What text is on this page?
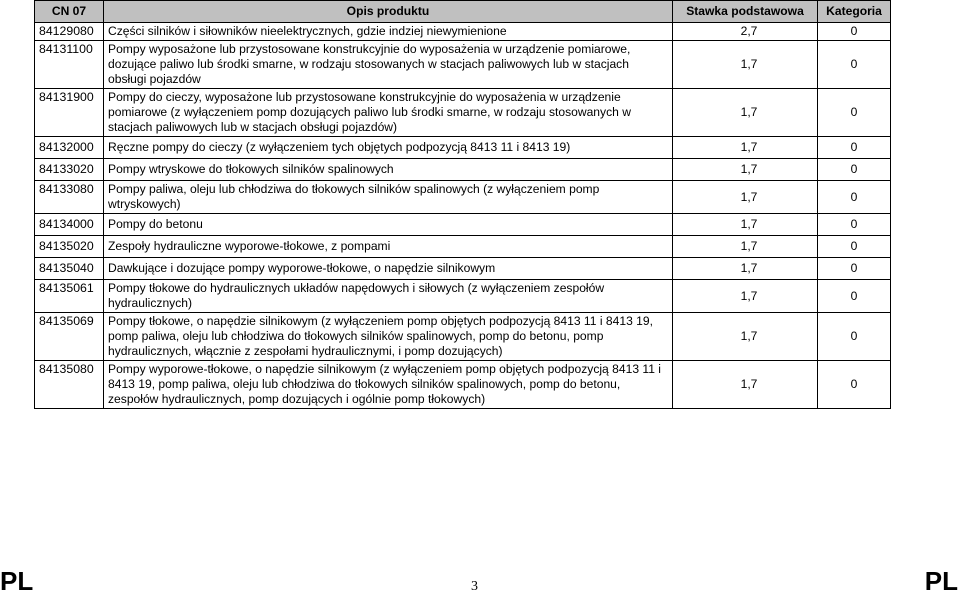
CN 07	Opis produktu	Stawka podstawowa	Kategoria
84129080	Części silników i siłowników nieelektrycznych, gdzie indziej niewymienione	2,7	0
84131100	Pompy wyposażone lub przystosowane konstrukcyjnie do wyposażenia w urządzenie pomiarowe, dozujące paliwo lub środki smarne, w rodzaju stosowanych w stacjach paliwowych lub w stacjach obsługi pojazdów	1,7	0
84131900	Pompy do cieczy, wyposażone lub przystosowane konstrukcyjnie do wyposażenia w urządzenie pomiarowe (z wyłączeniem pomp dozujących paliwo lub środki smarne, w rodzaju stosowanych w stacjach paliwowych lub w stacjach obsługi pojazdów)	1,7	0
84132000	Ręczne pompy do cieczy (z wyłączeniem tych objętych podpozycją 8413 11 i 8413 19)	1,7	0
84133020	Pompy wtryskowe do tłokowych silników spalinowych	1,7	0
84133080	Pompy paliwa, oleju lub chłodziwa do tłokowych silników spalinowych (z wyłączeniem pomp wtryskowych)	1,7	0
84134000	Pompy do betonu	1,7	0
84135020	Zespoły hydrauliczne wyporowe-tłokowe, z pompami	1,7	0
84135040	Dawkujące i dozujące pompy wyporowe-tłokowe, o napędzie silnikowym	1,7	0
84135061	Pompy tłokowe do hydraulicznych układów napędowych i siłowych (z wyłączeniem zespołów hydraulicznych)	1,7	0
84135069	Pompy tłokowe, o napędzie silnikowym (z wyłączeniem pomp objętych podpozycją 8413 11 i 8413 19, pomp paliwa, oleju lub chłodziwa do tłokowych silników spalinowych, pomp do betonu, pomp hydraulicznych, włącznie z zespołami hydraulicznymi, i pomp dozujących)	1,7	0
84135080	Pompy wyporowe-tłokowe, o napędzie silnikowym (z wyłączeniem pomp objętych podpozycją 8413 11 i 8413 19, pomp paliwa, oleju lub chłodziwa do tłokowych silników spalinowych, pomp do betonu, zespołów hydraulicznych, pomp dozujących i ogólnie pomp tłokowych)	1,7	0
PL	3	PL
